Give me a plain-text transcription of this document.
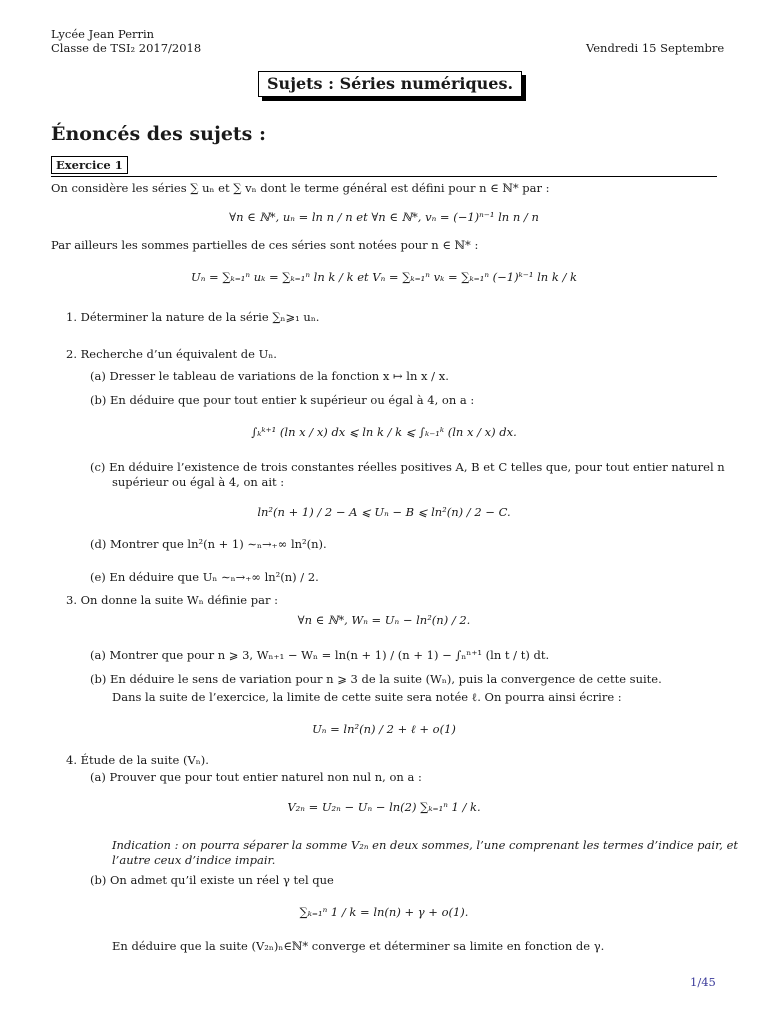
Lycée Jean Perrin
Classe de TSI₂ 2017/2018	Vendredi 15 Septembre
Sujets : Séries numériques.
Énoncés des sujets :
Exercice 1
On considère les séries ∑ uₙ et ∑ vₙ dont le terme général est défini pour n ∈ ℕ* par :
∀n ∈ ℕ*, uₙ = ln n / n et ∀n ∈ ℕ*, vₙ = (−1)ⁿ⁻¹ ln n / n
Par ailleurs les sommes partielles de ces séries sont notées pour n ∈ ℕ* :
Uₙ = ∑ₖ₌₁ⁿ uₖ = ∑ₖ₌₁ⁿ ln k / k et Vₙ = ∑ₖ₌₁ⁿ vₖ = ∑ₖ₌₁ⁿ (−1)ᵏ⁻¹ ln k / k
1. Déterminer la nature de la série ∑ₙ⩾₁ uₙ.
2. Recherche d’un équivalent de Uₙ.
(a) Dresser le tableau de variations de la fonction x ↦ ln x / x.
(b) En déduire que pour tout entier k supérieur ou égal à 4, on a :
∫ₖᵏ⁺¹ (ln x / x) dx ⩽ ln k / k ⩽ ∫ₖ₋₁ᵏ (ln x / x) dx.
(c) En déduire l’existence de trois constantes réelles positives A, B et C telles que, pour tout entier naturel n
supérieur ou égal à 4, on ait :
ln²(n + 1) / 2 − A ⩽ Uₙ − B ⩽ ln²(n) / 2 − C.
(d) Montrer que ln²(n + 1) ∼ₙ→₊∞ ln²(n).
(e) En déduire que Uₙ ∼ₙ→₊∞ ln²(n) / 2.
3. On donne la suite Wₙ définie par :
∀n ∈ ℕ*, Wₙ = Uₙ − ln²(n) / 2.
(a) Montrer que pour n ⩾ 3, Wₙ₊₁ − Wₙ = ln(n + 1) / (n + 1) − ∫ₙⁿ⁺¹ (ln t / t) dt.
(b) En déduire le sens de variation pour n ⩾ 3 de la suite (Wₙ), puis la convergence de cette suite.
Dans la suite de l’exercice, la limite de cette suite sera notée ℓ. On pourra ainsi écrire :
Uₙ = ln²(n) / 2 + ℓ + o(1)
4. Étude de la suite (Vₙ).
(a) Prouver que pour tout entier naturel non nul n, on a :
V₂ₙ = U₂ₙ − Uₙ − ln(2) ∑ₖ₌₁ⁿ 1 / k.
Indication : on pourra séparer la somme V₂ₙ en deux sommes, l’une comprenant les termes d’indice pair, et
l’autre ceux d’indice impair.
(b) On admet qu’il existe un réel γ tel que
∑ₖ₌₁ⁿ 1 / k = ln(n) + γ + o(1).
En déduire que la suite (V₂ₙ)ₙ∈ℕ* converge et déterminer sa limite en fonction de γ.
1/45
